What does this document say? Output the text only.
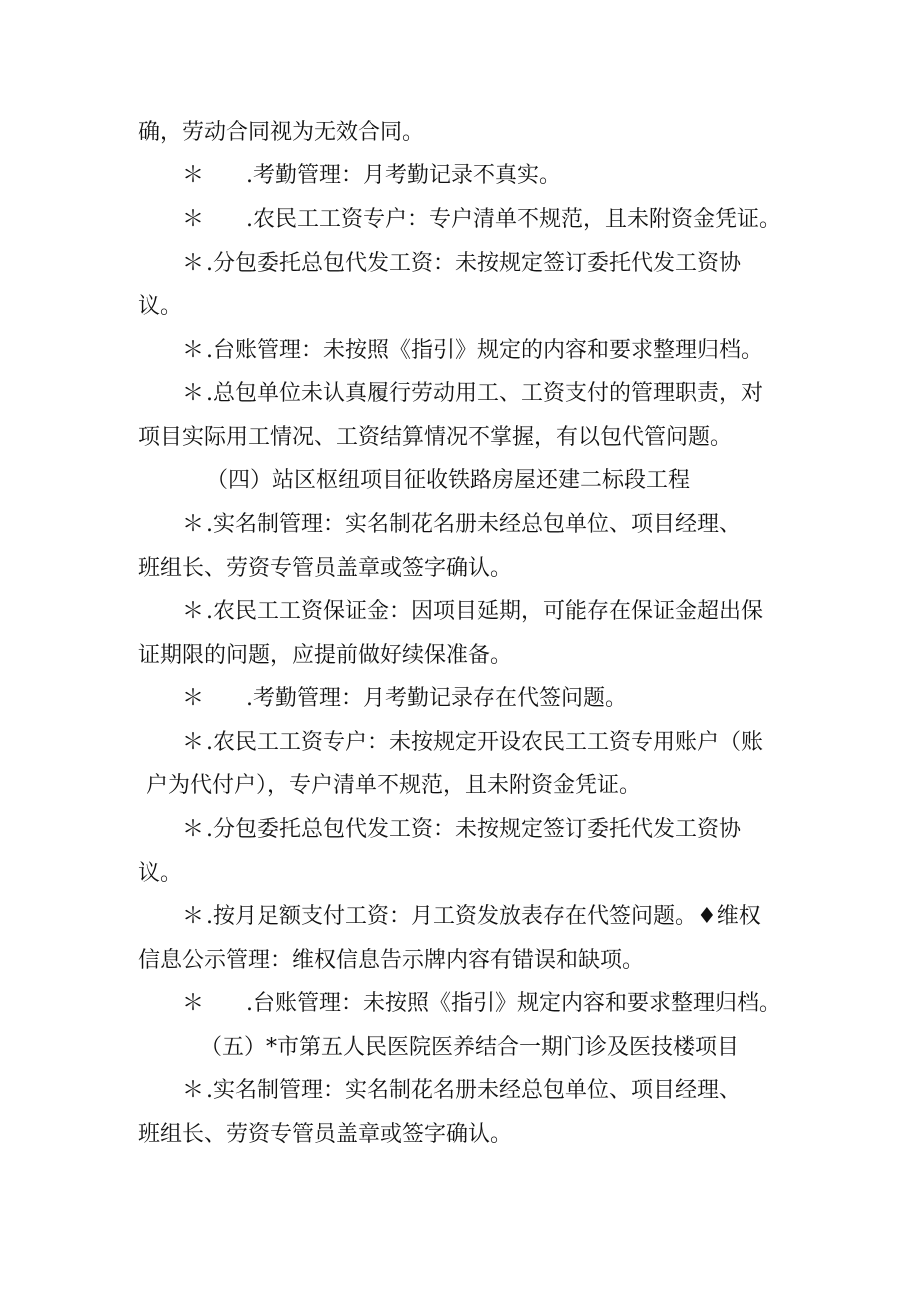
确，劳动合同视为无效合同。
＊ .考勤管理：月考勤记录不真实。
＊ .农民工工资专户：专户清单不规范，且未附资金凭证。
＊ .分包委托总包代发工资：未按规定签订委托代发工资协
议。
＊ .台账管理：未按照《指引》规定的内容和要求整理归档。
＊ .总包单位未认真履行劳动用工、工资支付的管理职责，对
项目实际用工情况、工资结算情况不掌握，有以包代管问题。
（四）站区枢纽项目征收铁路房屋还建二标段工程
＊ .实名制管理：实名制花名册未经总包单位、项目经理、
班组长、劳资专管员盖章或签字确认。
＊ .农民工工资保证金：因项目延期，可能存在保证金超出保
证期限的问题，应提前做好续保准备。
＊ .考勤管理：月考勤记录存在代签问题。
＊ .农民工工资专户：未按规定开设农民工工资专用账户（账
户为代付户），专户清单不规范，且未附资金凭证。
＊ .分包委托总包代发工资：未按规定签订委托代发工资协
议。
＊ .按月足额支付工资：月工资发放表存在代签问题。♦维权
信息公示管理：维权信息告示牌内容有错误和缺项。
＊ .台账管理：未按照《指引》规定内容和要求整理归档。
（五）*市第五人民医院医养结合一期门诊及医技楼项目
＊ .实名制管理：实名制花名册未经总包单位、项目经理、
班组长、劳资专管员盖章或签字确认。
